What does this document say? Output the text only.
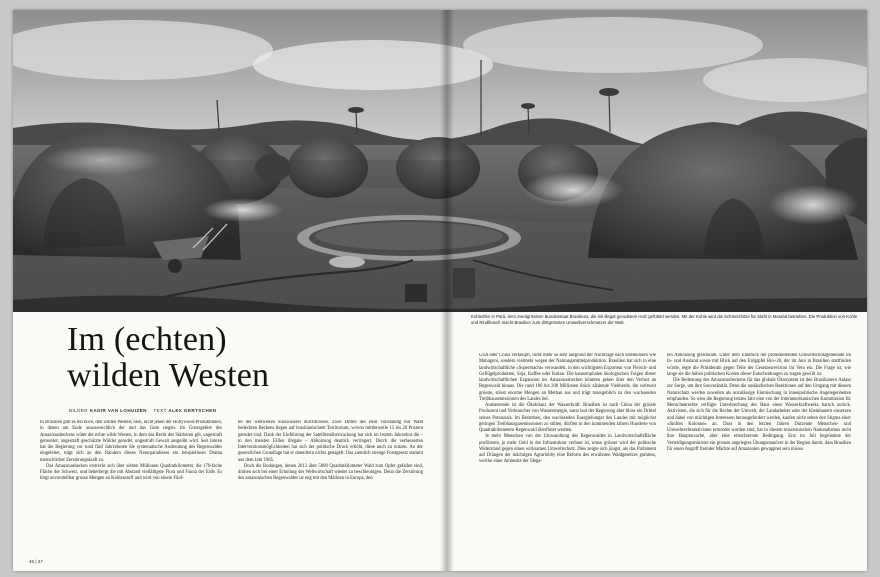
Kohleöfen in Pará, dem zweitgrössten Bundesstaat Brasiliens, die mit illegal gerodetem Holz gefüttert werden. Mit der Kohle wird die Schmelzhitze für Stahl in Marabá betrieben. Die Produktion von Kohle und Rindfleisch macht Brasilien zum drittgrössten Umweltverschmutzer der Welt.
Im (echten)
wilden Westen
BILDER KADIR VAN LOHUIZEN TEXT ALEX GERTSCHEN

In Brasilien gibt es ihn noch, den wilden Westen; nein, nicht jenen der Hollywood-Produktionen, in denen am Ende unausweichlich der und das Gute siegen. Im Grenzgebiet des Amazonasbeckens wütet der echte wilde Westen, in dem das Recht des Stärkeren gilt, ungestraft gemordet, ungestraft geschützte Wälder gerodet, ungestraft Gewalt ausgeübt wird. Seit Jahren hat die Regierung vor rund fünf Jahrzehnten die systematische Ausbeutung des Regenwaldes eingeleitet, trägt sich an den Rändern dieses Naturparadieses ein beispielloses Drama menschlicher Zerstörungskraft zu.

Das Amazonasbecken erstreckt sich über sieben Millionen Quadratkilometer, die 170-fache Fläche der Schweiz, und beherbergt die mit Abstand vielfältigste Flora und Fauna der Erde. Es birgt unvorstellbar grosse Mengen an Kohlenstoff und wird von einem Fünf-

tel der weltweiten Süsswassers durchflossen. Zwei Drittel des einst vollständig mit Wald bedeckten Beckens liegen auf brasilianischem Territorium, wovon mittlerweile 15 bis 20 Prozent gerodet sind. Dank der Einführung der Satellitenüberwachung hat sich im letzten Jahrzehnt die – in den meisten Fällen illegale – Abholzung deutlich verringert. Durch die verbesserten Interventionsmöglichkeiten hat sich der politische Druck erhöht, diese auch zu nutzen. An der gesetzlichen Grundlage hat er obendrein nichts genagelt: Das ziemlich strenge Forstgesetz stammt aus dem Jahr 1965.

Doch die Rodungen, denen 2013 über 5000 Quadratkilometer Wald zum Opfer gefallen sind, drohen sich bei einer Erholung der Weltwirtschaft wieder zu beschleunigen. Denn die Zerstörung des amazonischen Regenwaldes ist eng mit den Märkten in Europa, den

USA oder China verknüpft, nicht mehr so sehr aufgrund der Nachfrage nach Edelhölzern wie Mahagoni, sondern vielmehr wegen der Nahrungsmittelproduktion. Brasilien hat sich in eine landwirtschaftliche «Supermacht» verwandelt, in den wichtigsten Exporteur von Fleisch- und Geflügelprodukten, Soja, Kaffee oder Kakao. Die katastrophalen ökologischen Folgen dieser landwirtschaftlichen Expansion ins Amazonasbecken könnten gehen über den Verlust an Regenwald hinaus. Die rund 180 bis 200 Millionen Stück zählende Viehherde, die weltweit grösste, stösst enorme Mengen an Methan aus und trägt massgeblich zu den wachsenden Treibhausemissionen des Landes bei.

Ausbeutende ist die Ökobilanz der Wasserkraft. Brasilien ist nach China der grösste Produzent und Verbraucher von Wasserenergie, nutzt laut der Regierung aber bloss ein Drittel seines Potenzials. Im Bestreben, den wachsenden Energiehunger des Landes mit möglichst geringen Treibhausgasemissionen zu stillen, dürften in den kommenden Jahren Hunderte von Quadratkilometern Regenwald überflutet werden.

Je mehr Menschen von der Umwandlung des Regenwaldes in Landwirtschaftsfläche profitieren, je mehr Geld in der Infrastruktur verbaut ist, umso grösser wird der politische Widerstand gegen einen wirksamen Umweltschutz. Dies zeigte sich jüngst, als das Parlament auf Drängen der mächtigen Agrarlobby eine Reform des erwähnten Waldgesetzes guthiess, welche einer Amnestie der illega-

len Abholzung gleichkam. Unter dem Eindruck der protestierenden Umweltschutzgemeinde im In- und Ausland sowie mit Blick auf den Erdgipfel Rio+20, der im Juni in Brasilien stattfinden würde, legte die Präsidentin gegen Teile der Gesetzesrevision ihr Veto ein. Die Frage ist, wie lange sie die hohen politischen Kosten dieser Entscheidungen zu tragen gewillt ist.

Die Bedeutung des Amazonasbeckens für das globale Ökosystem ist den Brasilianern Anlass zur Sorge, um ihre Souveränität. Denn die ausländischen Reaktionen auf den Umgang mit diesem Naturschatz werden zuweilen als unzulässige Einmischung in innenpolitische Angelegenheiten empfunden. So wies die Regierung letztes Jahr eine von der Interamerikanischen Kommission für Menschenrechte verfügte Unterbrechung des Baus eines Wasserkraftwerks barsch zurück. Aktivisten, die sich für die Rechte der Umwelt, der Landarbeiter oder der Kleinbauern einsetzen und dabei von mächtigen Interessen herausgefordert werden, kaufen nicht selten den Stigma einer «fünften Kolonne» an. Dass in den letzten Jahren Dutzende Menschen- und Umweltrechtsaktivisten ermordet worden sind, hat in diesem misstrauischen Nationalismus nicht ihre Hauptursache, aber eine erleichternde Bedingung. Erst im Juli begründete der Verteidigungsminister ein grosses angelegtes Übungsmanöver in der Region damit, dass Brasilien für einen Angriff fremder Mächte auf Amazonien gewappnet sein müsse.

46 | 47
